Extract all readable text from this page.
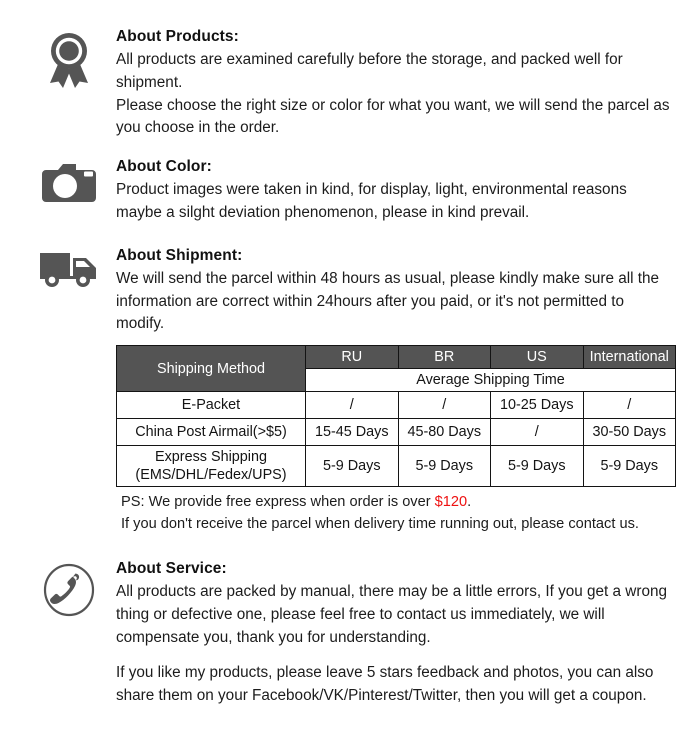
About Products:

All products are examined carefully before the storage, and packed well for shipment.

Please choose the right size or color for what you want, we will send the parcel as you choose in the order.

About Color:

Product images were taken in kind, for display, light, environmental reasons maybe a silght deviation phenomenon, please in kind prevail.

About Shipment:

We will send the parcel within 48 hours as usual, please kindly make sure all the information are correct within 24hours after you paid, or it's not permitted to modify.

Shipping Method	RU	BR	US	International
	Average Shipping Time			
E-Packet	/	/	10-25 Days	/
China Post Airmail(>$5)	15-45 Days	45-80 Days	/	30-50 Days
Express Shipping
(EMS/DHL/Fedex/UPS)	5-9 Days	5-9 Days	5-9 Days	5-9 Days

PS: We provide free express when order is over $120.

If you don't receive the parcel when delivery time running out, please contact us.

About Service:

All products are packed by manual, there may be a little errors, If you get a wrong thing or defective one, please feel free to contact us immediately, we will compensate you, thank you for understanding.

If you like my products, please leave 5 stars feedback and photos, you can also share them on your Facebook/VK/Pinterest/Twitter, then you will get a coupon.
